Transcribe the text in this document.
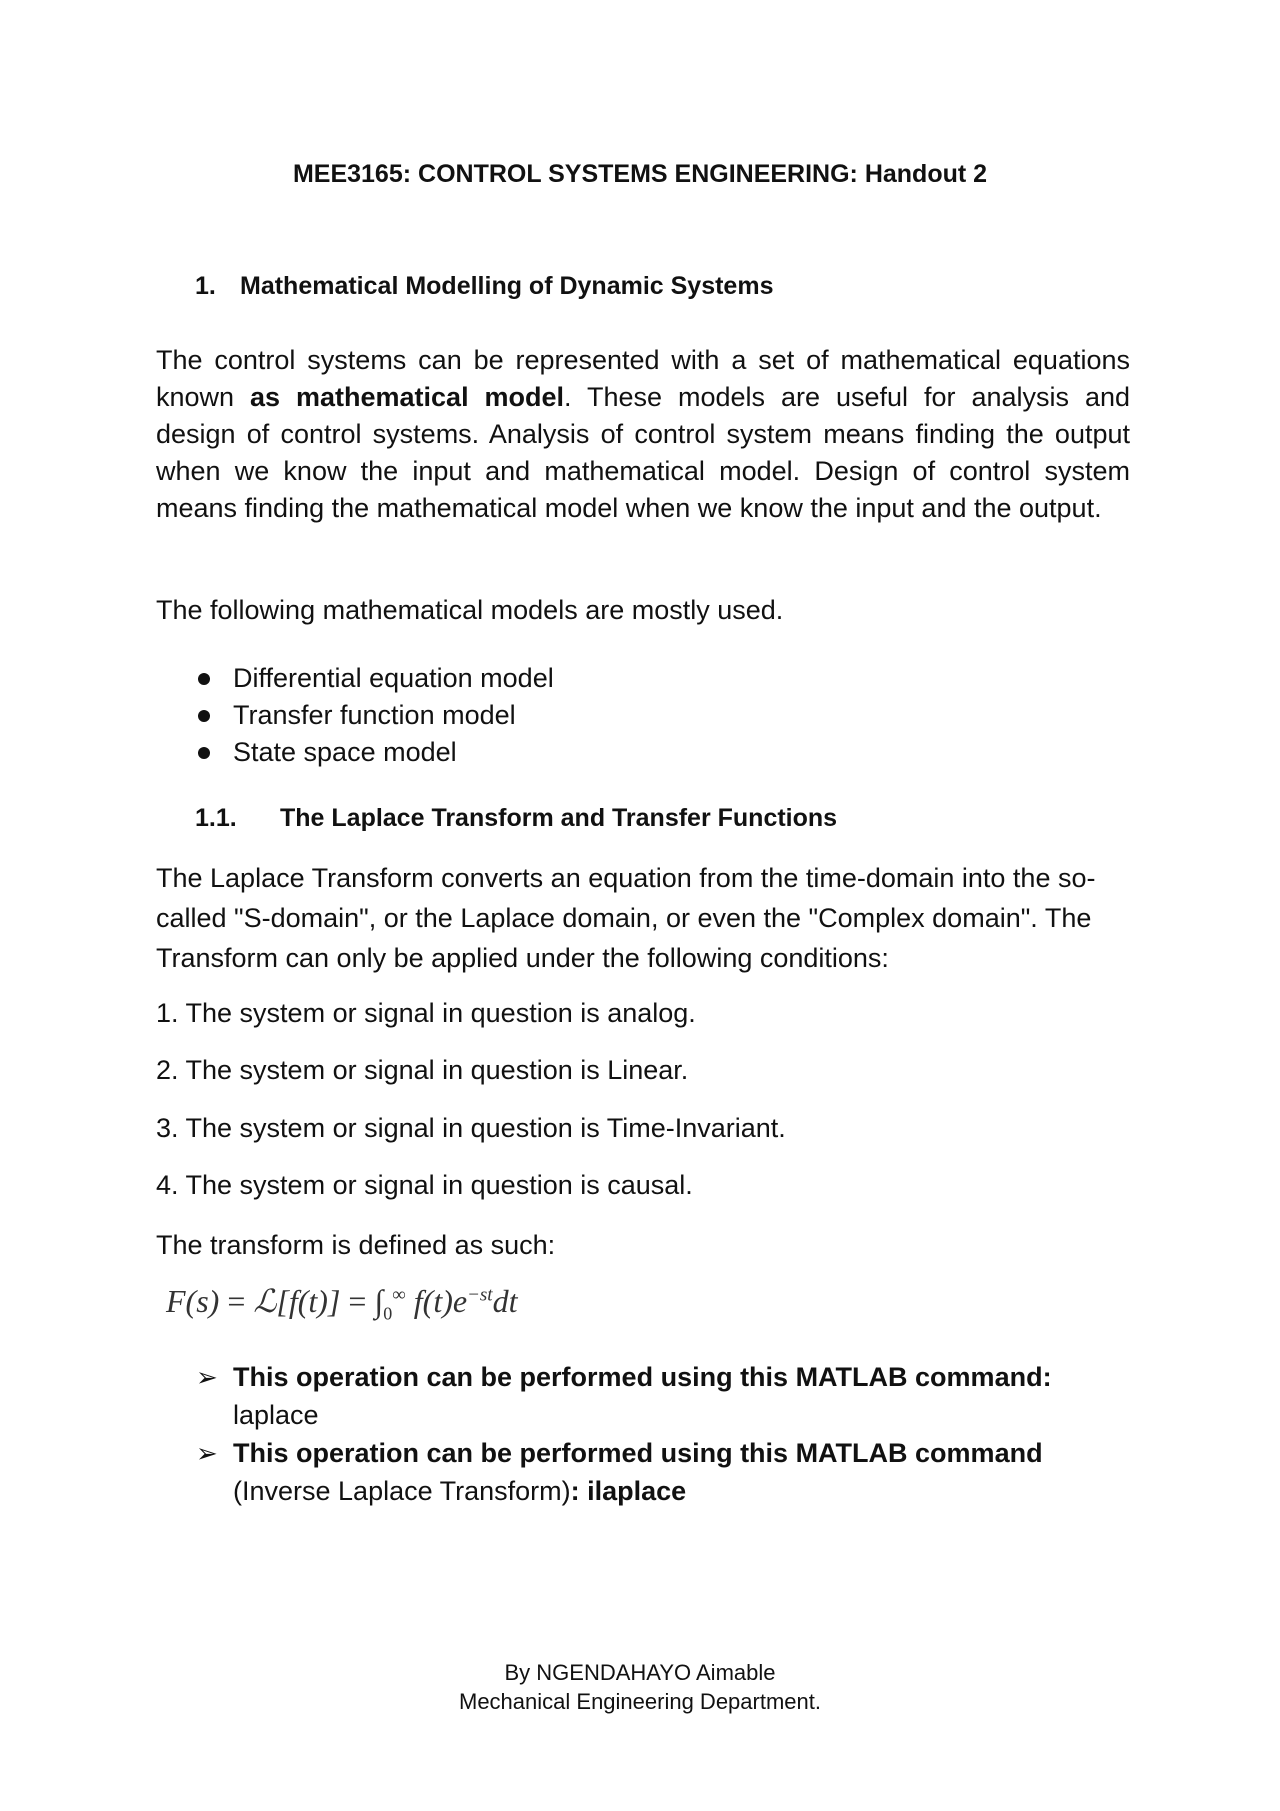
MEE3165: CONTROL SYSTEMS ENGINEERING: Handout 2
1. Mathematical Modelling of Dynamic Systems
The control systems can be represented with a set of mathematical equations known as mathematical model. These models are useful for analysis and design of control systems. Analysis of control system means finding the output when we know the input and mathematical model. Design of control system means finding the mathematical model when we know the input and the output.
The following mathematical models are mostly used.
Differential equation model
Transfer function model
State space model
1.1. The Laplace Transform and Transfer Functions
The Laplace Transform converts an equation from the time-domain into the so-called "S-domain", or the Laplace domain, or even the "Complex domain". The Transform can only be applied under the following conditions:
1. The system or signal in question is analog.
2. The system or signal in question is Linear.
3. The system or signal in question is Time-Invariant.
4. The system or signal in question is causal.
The transform is defined as such:
F(s) = ℒ[f(t)] = $\int_0^\infty$ $f(t)e^{-st}dt$
➢ This operation can be performed using this MATLAB command: laplace
➢ This operation can be performed using this MATLAB command (Inverse Laplace Transform): ilaplace
By NGENDAHAYO Aimable
Mechanical Engineering Department.
